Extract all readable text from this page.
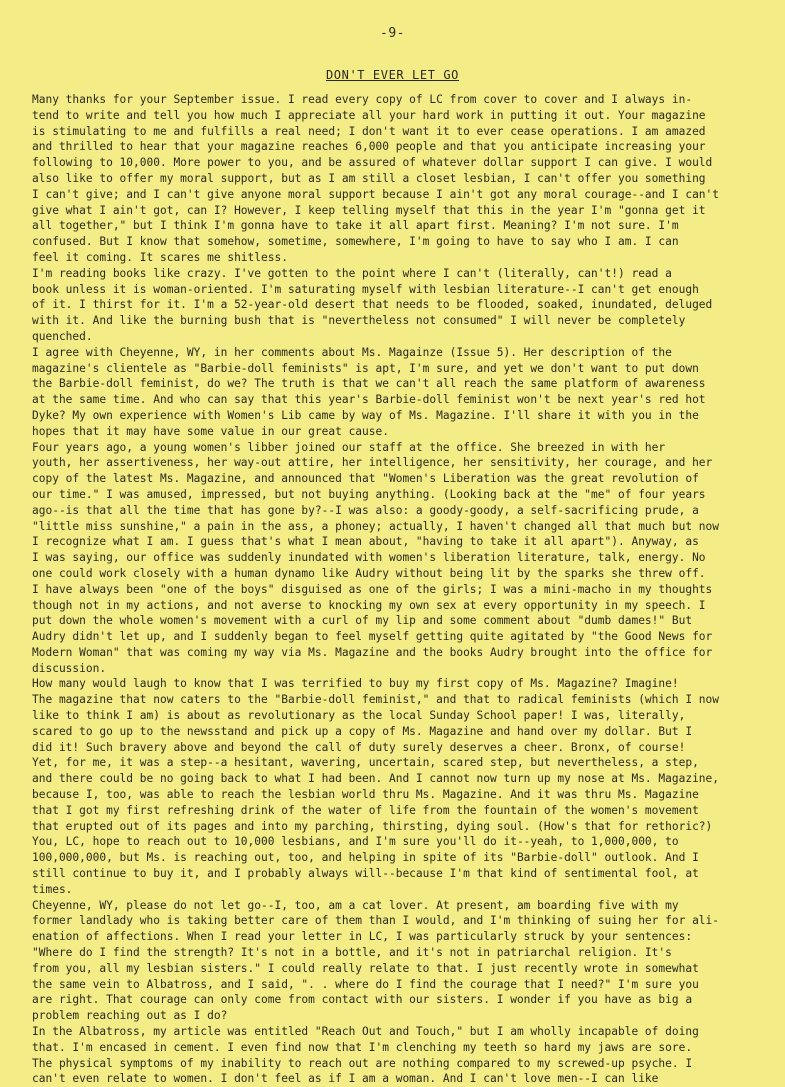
-9-
DON'T EVER LET GO
Many thanks for your September issue. I read every copy of LC from cover to cover and I always in-
tend to write and tell you how much I appreciate all your hard work in putting it out. Your magazine
is stimulating to me and fulfills a real need; I don't want it to ever cease operations. I am amazed
and thrilled to hear that your magazine reaches 6,000 people and that you anticipate increasing your
following to 10,000. More power to you, and be assured of whatever dollar support I can give. I would
also like to offer my moral support, but as I am still a closet lesbian, I can't offer you something
I can't give; and I can't give anyone moral support because I ain't got any moral courage--and I can't
give what I ain't got, can I? However, I keep telling myself that this in the year I'm "gonna get it
all together," but I think I'm gonna have to take it all apart first. Meaning? I'm not sure. I'm
confused. But I know that somehow, sometime, somewhere, I'm going to have to say who I am. I can
feel it coming. It scares me shitless.
I'm reading books like crazy. I've gotten to the point where I can't (literally, can't!) read a
book unless it is woman-oriented. I'm saturating myself with lesbian literature--I can't get enough
of it. I thirst for it. I'm a 52-year-old desert that needs to be flooded, soaked, inundated, deluged
with it. And like the burning bush that is "nevertheless not consumed" I will never be completely
quenched.
I agree with Cheyenne, WY, in her comments about Ms. Magainze (Issue 5). Her description of the
magazine's clientele as "Barbie-doll feminists" is apt, I'm sure, and yet we don't want to put down
the Barbie-doll feminist, do we? The truth is that we can't all reach the same platform of awareness
at the same time. And who can say that this year's Barbie-doll feminist won't be next year's red hot
Dyke? My own experience with Women's Lib came by way of Ms. Magazine. I'll share it with you in the
hopes that it may have some value in our great cause.
Four years ago, a young women's libber joined our staff at the office. She breezed in with her
youth, her assertiveness, her way-out attire, her intelligence, her sensitivity, her courage, and her
copy of the latest Ms. Magazine, and announced that "Women's Liberation was the great revolution of
our time." I was amused, impressed, but not buying anything. (Looking back at the "me" of four years
ago--is that all the time that has gone by?--I was also: a goody-goody, a self-sacrificing prude, a
"little miss sunshine," a pain in the ass, a phoney; actually, I haven't changed all that much but now
I recognize what I am. I guess that's what I mean about, "having to take it all apart"). Anyway, as
I was saying, our office was suddenly inundated with women's liberation literature, talk, energy. No
one could work closely with a human dynamo like Audry without being lit by the sparks she threw off.
I have always been "one of the boys" disguised as one of the girls; I was a mini-macho in my thoughts
though not in my actions, and not averse to knocking my own sex at every opportunity in my speech. I
put down the whole women's movement with a curl of my lip and some comment about "dumb dames!" But
Audry didn't let up, and I suddenly began to feel myself getting quite agitated by "the Good News for
Modern Woman" that was coming my way via Ms. Magazine and the books Audry brought into the office for
discussion.
How many would laugh to know that I was terrified to buy my first copy of Ms. Magazine? Imagine!
The magazine that now caters to the "Barbie-doll feminist," and that to radical feminists (which I now
like to think I am) is about as revolutionary as the local Sunday School paper! I was, literally,
scared to go up to the newsstand and pick up a copy of Ms. Magazine and hand over my dollar. But I
did it! Such bravery above and beyond the call of duty surely deserves a cheer. Bronx, of course!
Yet, for me, it was a step--a hesitant, wavering, uncertain, scared step, but nevertheless, a step,
and there could be no going back to what I had been. And I cannot now turn up my nose at Ms. Magazine,
because I, too, was able to reach the lesbian world thru Ms. Magazine. And it was thru Ms. Magazine
that I got my first refreshing drink of the water of life from the fountain of the women's movement
that erupted out of its pages and into my parching, thirsting, dying soul. (How's that for rethoric?)
You, LC, hope to reach out to 10,000 lesbians, and I'm sure you'll do it--yeah, to 1,000,000, to
100,000,000, but Ms. is reaching out, too, and helping in spite of its "Barbie-doll" outlook. And I
still continue to buy it, and I probably always will--because I'm that kind of sentimental fool, at
times.
Cheyenne, WY, please do not let go--I, too, am a cat lover. At present, am boarding five with my
former landlady who is taking better care of them than I would, and I'm thinking of suing her for ali-
enation of affections. When I read your letter in LC, I was particularly struck by your sentences:
"Where do I find the strength? It's not in a bottle, and it's not in patriarchal religion. It's
from you, all my lesbian sisters." I could really relate to that. I just recently wrote in somewhat
the same vein to Albatross, and I said, ". . where do I find the courage that I need?" I'm sure you
are right. That courage can only come from contact with our sisters. I wonder if you have as big a
problem reaching out as I do?
In the Albatross, my article was entitled "Reach Out and Touch," but I am wholly incapable of doing
that. I'm encased in cement. I even find now that I'm clenching my teeth so hard my jaws are sore.
The physical symptoms of my inability to reach out are nothing compared to my screwed-up psyche. I
can't even relate to women. I don't feel as if I am a woman. And I can't love men--I can like
